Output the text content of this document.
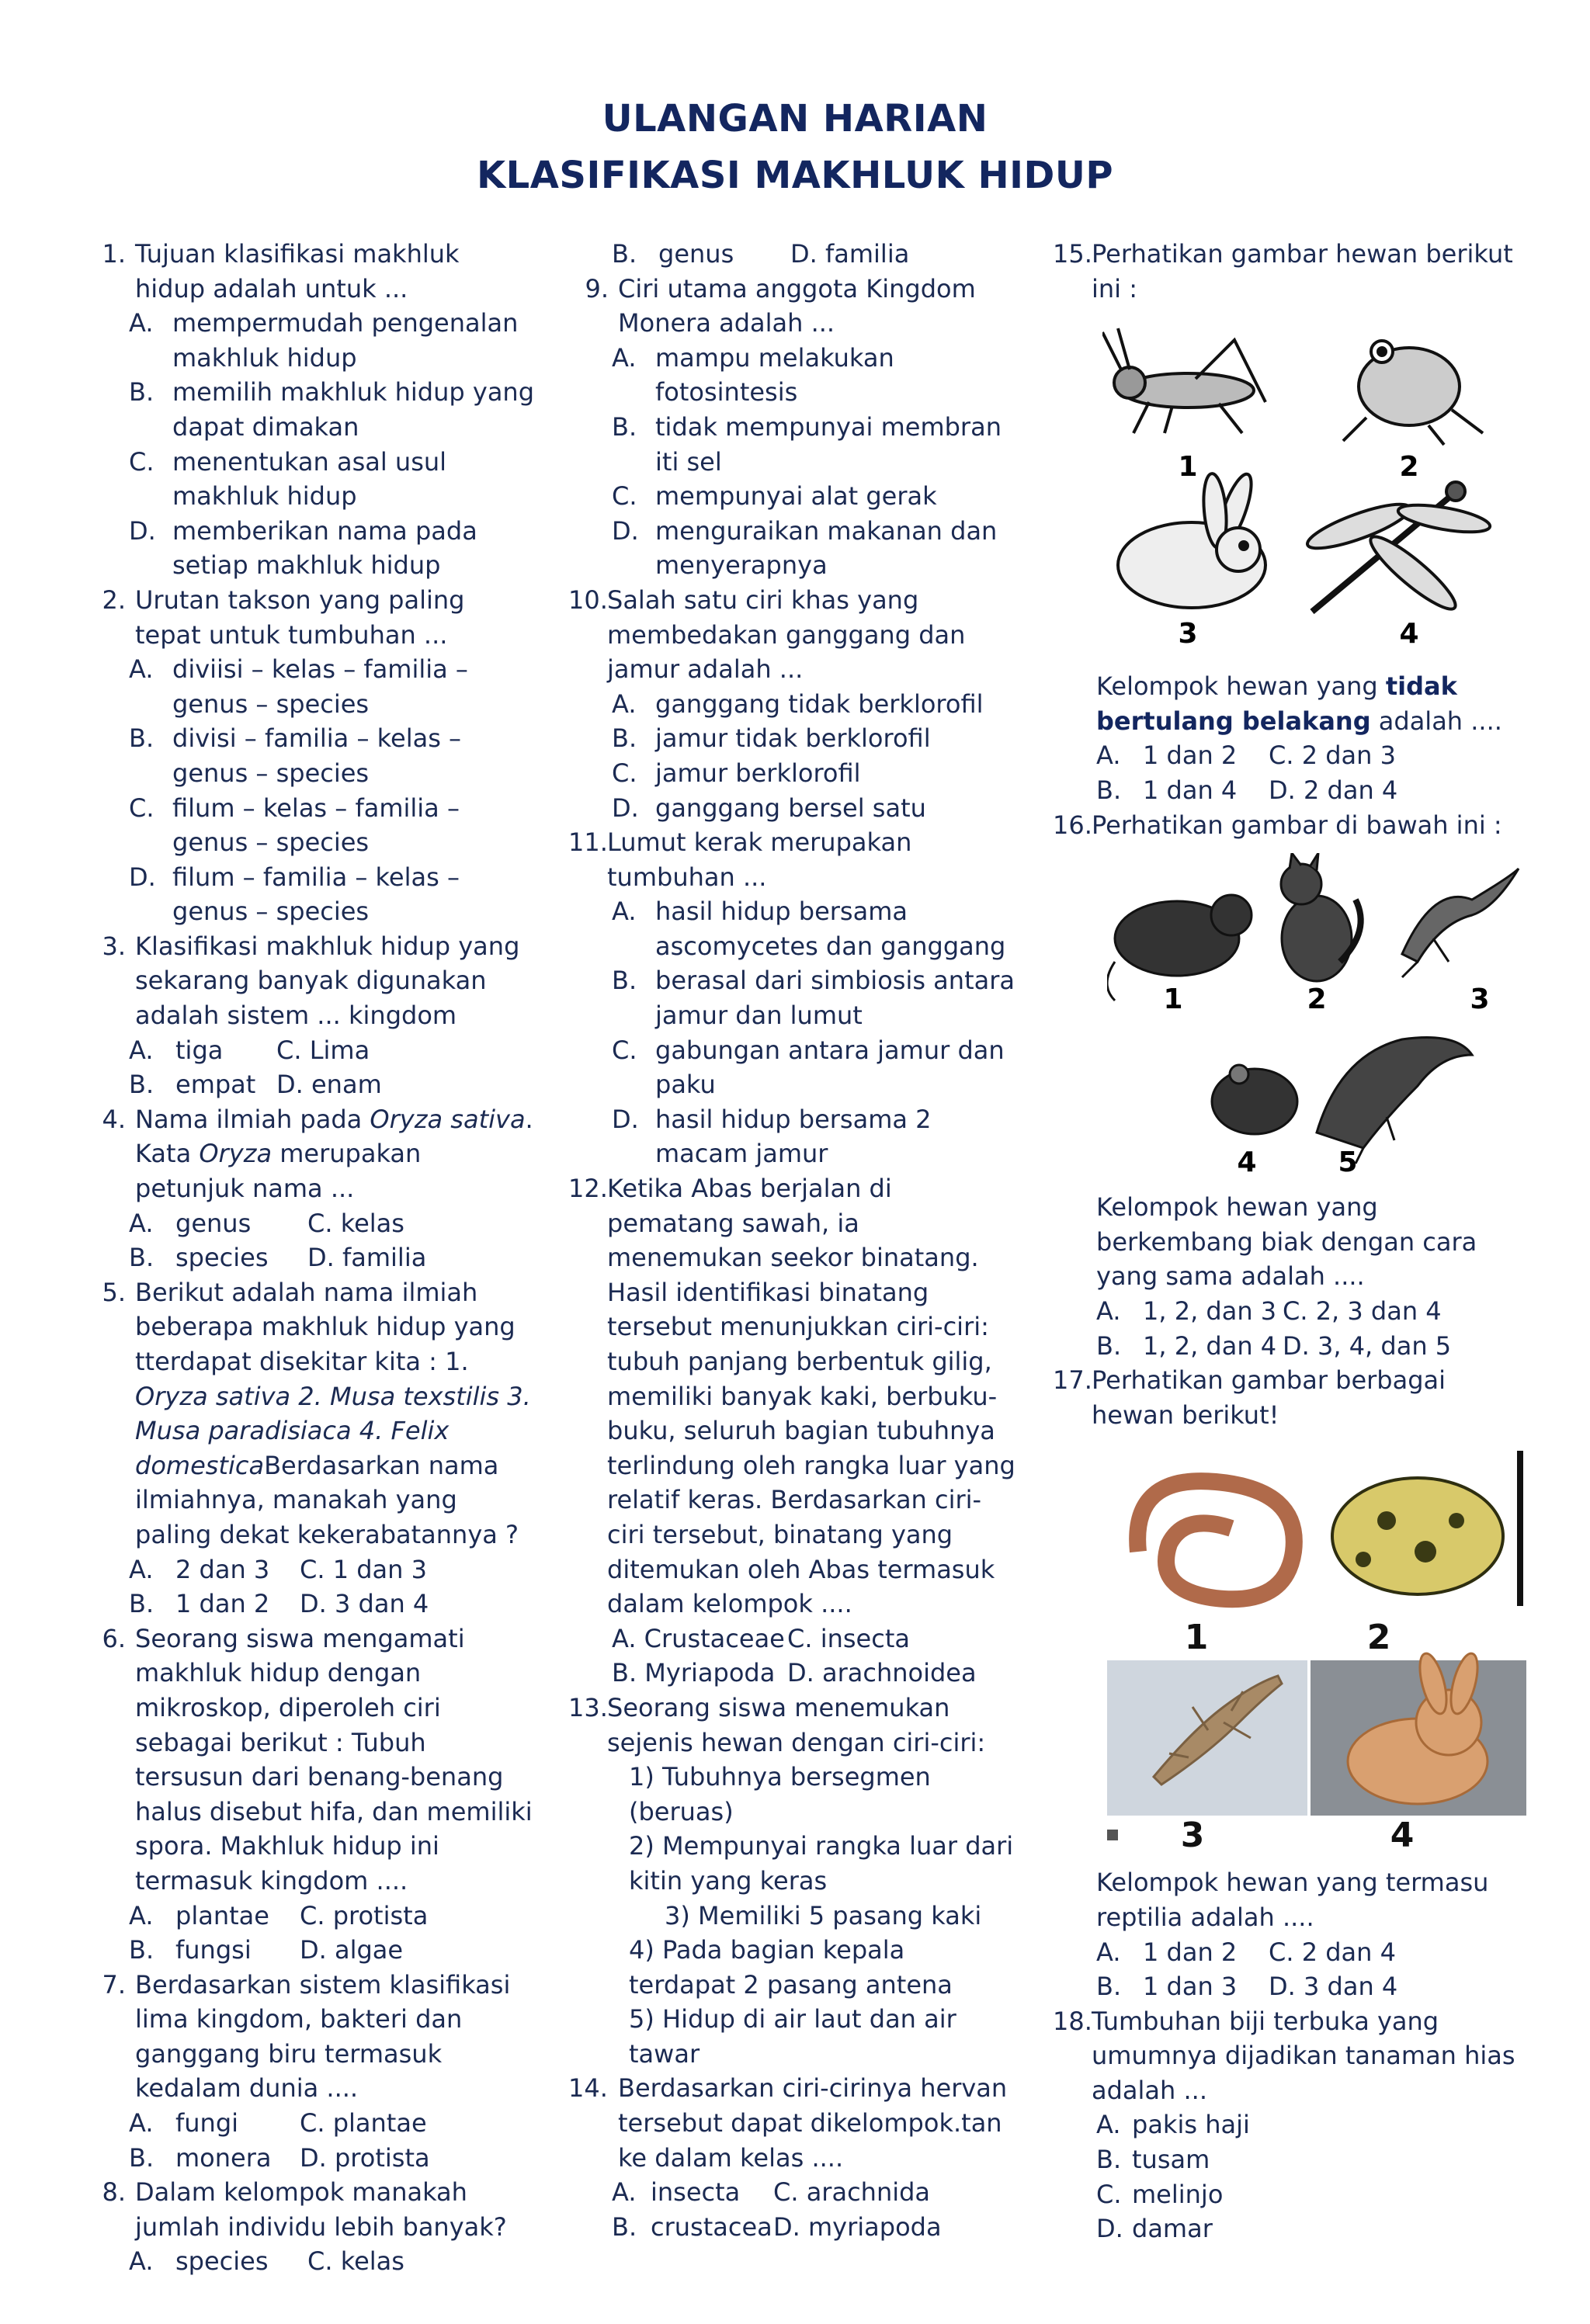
ULANGAN HARIAN
KLASIFIKASI MAKHLUK HIDUP
1. Tujuan klasifikasi makhluk hidup adalah untuk ...
A. mempermudah pengenalan makhluk hidup
B. memilih makhluk hidup yang dapat dimakan
C. menentukan asal usul makhluk hidup
D. memberikan nama pada setiap makhluk hidup
2. Urutan takson yang paling tepat untuk tumbuhan ...
A. diviisi – kelas – familia – genus – species
B. divisi – familia – kelas – genus – species
C. filum – kelas – familia – genus – species
D. filum – familia – kelas – genus – species
3. Klasifikasi makhluk hidup yang sekarang banyak digunakan adalah sistem ... kingdom
A. tiga	C. Lima
B. empat D. enam
4. Nama ilmiah pada Oryza sativa.
Kata Oryza merupakan petunjuk nama ...
A. genus	C. kelas
B. species	D. familia
5. Berikut adalah nama ilmiah beberapa makhluk hidup yang tterdapat disekitar kita : 1. Oryza sativa 2. Musa texstilis 3. Musa paradisiaca 4. Felix domesticaBerdasarkan nama ilmiahnya, manakah yang paling dekat kekerabatannya ?
A. 2 dan 3	C. 1 dan 3
B. 1 dan 2	D. 3 dan 4
6. Seorang siswa mengamati makhluk hidup dengan mikroskop, diperoleh ciri sebagai berikut : Tubuh tersusun dari benang-benang halus disebut hifa, dan memiliki spora. Makhluk hidup ini termasuk kingdom ....
A. plantae	C. protista
B. fungsi	D. algae
7. Berdasarkan sistem klasifikasi lima kingdom, bakteri dan ganggang biru termasuk kedalam dunia ....
A. fungi	C. plantae
B. monera	D. protista
8. Dalam kelompok manakah jumlah individu lebih banyak?
A. species	C. kelas
B. genus	D. familia
9. Ciri utama anggota Kingdom Monera adalah ...
A. mampu melakukan fotosintesis
B. tidak mempunyai membran iti sel
C. mempunyai alat gerak
D. menguraikan makanan dan menyerapnya
10. Salah satu ciri khas yang membedakan ganggang dan jamur adalah ...
A. ganggang tidak berklorofil
B. jamur tidak berklorofil
C. jamur berklorofil
D. ganggang bersel satu
11. Lumut kerak merupakan tumbuhan ...
A. hasil hidup bersama ascomycetes dan ganggang
B. berasal dari simbiosis antara jamur dan lumut
C. gabungan antara jamur dan paku
D. hasil hidup bersama 2 macam jamur
12. Ketika Abas berjalan di pematang sawah, ia menemukan seekor binatang. Hasil identifikasi binatang tersebut menunjukkan ciri-ciri: tubuh panjang berbentuk gilig, memiliki banyak kaki, berbuku-buku, seluruh bagian tubuhnya terlindung oleh rangka luar yang relatif keras. Berdasarkan ciri-ciri tersebut, binatang yang ditemukan oleh Abas termasuk dalam kelompok ....
A. Crustaceae C. insecta
B. Myriapoda D. arachnoidea
13. Seorang siswa menemukan sejenis hewan dengan ciri-ciri:
1) Tubuhnya bersegmen (beruas)
2) Mempunyai rangka luar dari
kitin yang keras
3) Memiliki 5 pasang kaki
4) Pada bagian kepala terdapat 2 pasang antena
5) Hidup di air laut dan air tawar
14. Berdasarkan ciri-cirinya hervan tersebut dapat dikelompok.tan ke dalam kelas ....
A. insecta	C. arachnida
B. crustacea D. myriapoda
15. Perhatikan gambar hewan berikut ini :
1	2
3	4
Kelompok hewan yang tidak bertulang belakang adalah ....
A. 1 dan 2	C. 2 dan 3
B. 1 dan 4	D. 2 dan 4
16. Perhatikan gambar di bawah ini :
1	2	3
4	5
Kelompok hewan yang berkembang biak dengan cara yang sama adalah ....
A. 1, 2, dan 3 C. 2, 3 dan 4
B. 1, 2, dan 4 D. 3, 4, dan 5
17. Perhatikan gambar berbagai hewan berikut!
1	2
3	4
Kelompok hewan yang termasu reptilia adalah ....
A. 1 dan 2	C. 2 dan 4
B. 1 dan 3	D. 3 dan 4
18. Tumbuhan biji terbuka yang umumnya dijadikan tanaman hias adalah ...
A. pakis haji
B. tusam
C. melinjo
D. damar
